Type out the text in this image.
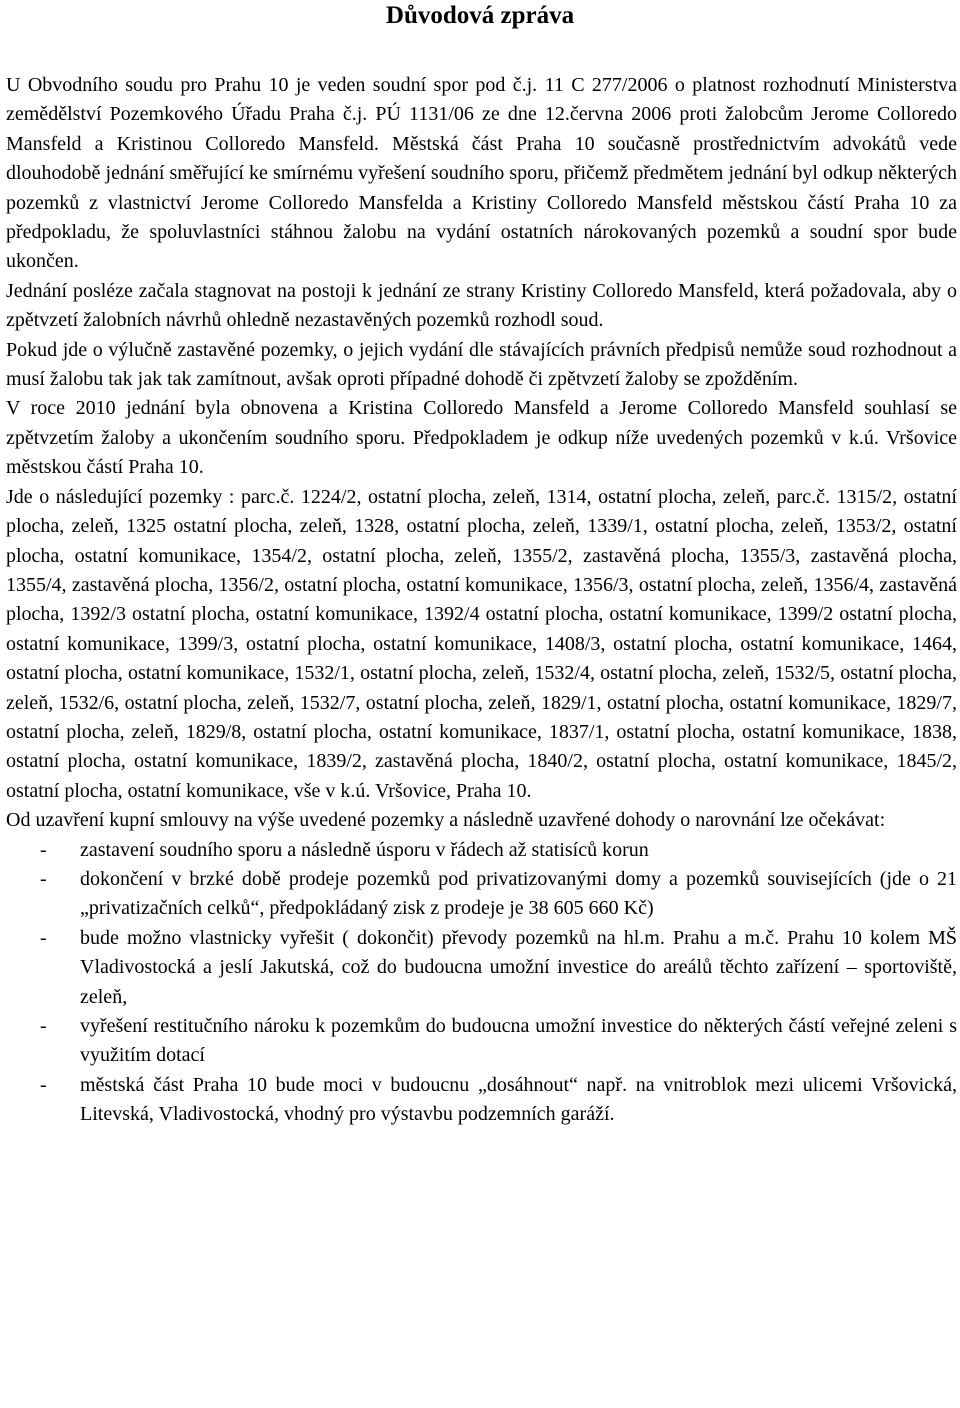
Důvodová zpráva

U Obvodního soudu pro Prahu 10 je veden soudní spor pod č.j. 11 C 277/2006 o platnost rozhodnutí Ministerstva zemědělství Pozemkového Úřadu Praha č.j. PÚ 1131/06 ze dne 12.června 2006 proti žalobcům Jerome Colloredo Mansfeld a Kristinou Colloredo Mansfeld. Městská část Praha 10 současně prostřednictvím advokátů vede dlouhodobě jednání směřující ke smírnému vyřešení soudního sporu, přičemž předmětem jednání byl odkup některých pozemků z vlastnictví Jerome Colloredo Mansfelda a Kristiny Colloredo Mansfeld městskou částí Praha 10 za předpokladu, že spoluvlastníci stáhnou žalobu na vydání ostatních nárokovaných pozemků a soudní spor bude ukončen.

Jednání posléze začala stagnovat na postoji k jednání ze strany Kristiny Colloredo Mansfeld, která požadovala, aby o zpětvzetí žalobních návrhů ohledně nezastavěných pozemků rozhodl soud.

Pokud jde o výlučně zastavěné pozemky, o jejich vydání dle stávajících právních předpisů nemůže soud rozhodnout a musí žalobu tak jak tak zamítnout, avšak oproti případné dohodě či zpětvzetí žaloby se zpožděním.

V roce 2010 jednání byla obnovena a Kristina Colloredo Mansfeld a Jerome Colloredo Mansfeld souhlasí se zpětvzetím žaloby a ukončením soudního sporu. Předpokladem je odkup níže uvedených pozemků v k.ú. Vršovice městskou částí Praha 10.

Jde o následující pozemky : parc.č. 1224/2, ostatní plocha, zeleň, 1314, ostatní plocha, zeleň, parc.č. 1315/2, ostatní plocha, zeleň, 1325 ostatní plocha, zeleň, 1328, ostatní plocha, zeleň, 1339/1, ostatní plocha, zeleň, 1353/2, ostatní plocha, ostatní komunikace, 1354/2, ostatní plocha, zeleň, 1355/2, zastavěná plocha, 1355/3, zastavěná plocha, 1355/4, zastavěná plocha, 1356/2, ostatní plocha, ostatní komunikace, 1356/3, ostatní plocha, zeleň, 1356/4, zastavěná plocha, 1392/3 ostatní plocha, ostatní komunikace, 1392/4 ostatní plocha, ostatní komunikace, 1399/2 ostatní plocha, ostatní komunikace, 1399/3, ostatní plocha, ostatní komunikace, 1408/3, ostatní plocha, ostatní komunikace, 1464, ostatní plocha, ostatní komunikace, 1532/1, ostatní plocha, zeleň, 1532/4, ostatní plocha, zeleň, 1532/5, ostatní plocha, zeleň, 1532/6, ostatní plocha, zeleň, 1532/7, ostatní plocha, zeleň, 1829/1, ostatní plocha, ostatní komunikace, 1829/7, ostatní plocha, zeleň, 1829/8, ostatní plocha, ostatní komunikace, 1837/1, ostatní plocha, ostatní komunikace, 1838, ostatní plocha, ostatní komunikace, 1839/2, zastavěná plocha, 1840/2, ostatní plocha, ostatní komunikace, 1845/2, ostatní plocha, ostatní komunikace, vše v k.ú. Vršovice, Praha 10.

Od uzavření kupní smlouvy na výše uvedené pozemky a následně uzavřené dohody o narovnání lze očekávat:

- zastavení soudního sporu a následně úsporu v řádech až statisíců korun
- dokončení v brzké době prodeje pozemků pod privatizovanými domy a pozemků souvisejících (jde o 21 „privatizačních celků“, předpokládaný zisk z prodeje je 38 605 660 Kč)
- bude možno vlastnicky vyřešit ( dokončit) převody pozemků na hl.m. Prahu a m.č. Prahu 10 kolem MŠ Vladivostocká a jeslí Jakutská, což do budoucna umožní investice do areálů těchto zařízení – sportoviště, zeleň,
- vyřešení restitučního nároku k pozemkům do budoucna umožní investice do některých částí veřejné zeleni s využitím dotací
- městská část Praha 10 bude moci v budoucnu „dosáhnout“ např. na vnitroblok mezi ulicemi Vršovická, Litevská, Vladivostocká, vhodný pro výstavbu podzemních garáží.
